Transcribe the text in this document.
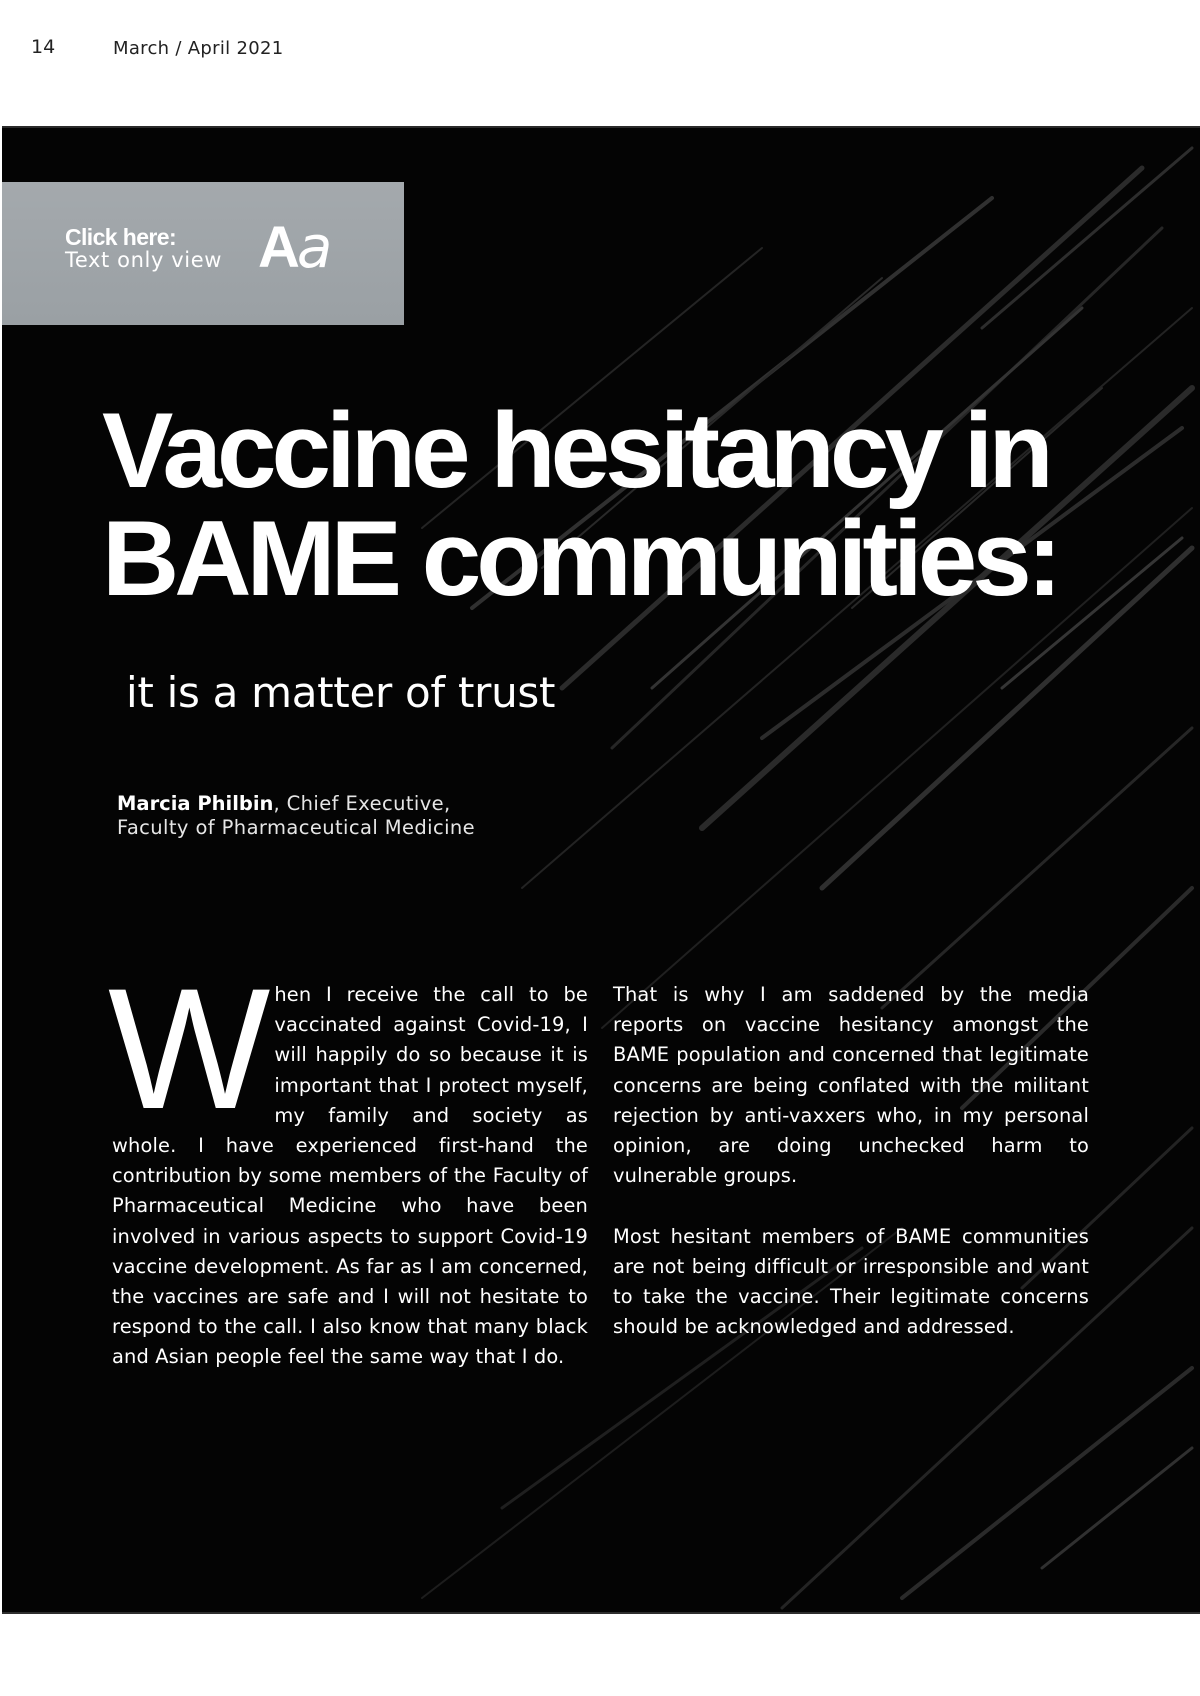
14	March / April 2021
Click here:
Text only view Aa
Vaccine hesitancy in
BAME communities:
it is a matter of trust
Marcia Philbin, Chief Executive,
Faculty of Pharmaceutical Medicine

When I receive the call to be vaccinated against Covid-19, I will happily do so because it is important that I protect myself, my family and society as whole. I have experienced first-hand the contribution by some members of the Faculty of Pharmaceutical Medicine who have been involved in various aspects to support Covid-19 vaccine development. As far as I am concerned, the vaccines are safe and I will not hesitate to respond to the call. I also know that many black and Asian people feel the same way that I do.

That is why I am saddened by the media reports on vaccine hesitancy amongst the BAME population and concerned that legitimate concerns are being conflated with the militant rejection by anti-vaxxers who, in my personal opinion, are doing unchecked harm to vulnerable groups.

Most hesitant members of BAME communities are not being difficult or irresponsible and want to take the vaccine. Their legitimate concerns should be acknowledged and addressed.
